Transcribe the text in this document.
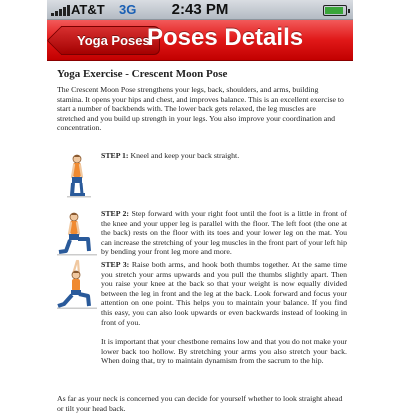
AT&T 3G	2:43 PM
Yoga Poses
Poses Details
Yoga Exercise - Crescent Moon Pose
The Crescent Moon Pose strengthens your legs, back, shoulders, and arms, building stamina. It opens your hips and chest, and improves balance. This is an excellent exercise to start a number of backbends with. The lower back gets relaxed, the leg muscles are stretched and you build up strength in your legs. You also improve your coordination and concentration.
STEP 1: Kneel and keep your back straight.
STEP 2: Step forward with your right foot until the foot is a little in front of the knee and your upper leg is parallel with the floor. The left foot (the one at the back) rests on the floor with its toes and your lower leg on the mat. You can increase the stretching of your leg muscles in the front part of your left hip by bending your front leg more and more.
STEP 3: Raise both arms, and hook both thumbs together. At the same time you stretch your arms upwards and you pull the thumbs slightly apart. Then you raise your knee at the back so that your weight is now equally divided between the leg in front and the leg at the back. Look forward and focus your attention on one point. This helps you to maintain your balance. If you find this easy, you can also look upwards or even backwards instead of looking in front of you.
It is important that your chestbone remains low and that you do not make your lower back too hollow. By stretching your arms you also stretch your back. When doing that, try to maintain dynamism from the sacrum to the hip.
As far as your neck is concerned you can decide for yourself whether to look straight ahead or tilt your head back.
